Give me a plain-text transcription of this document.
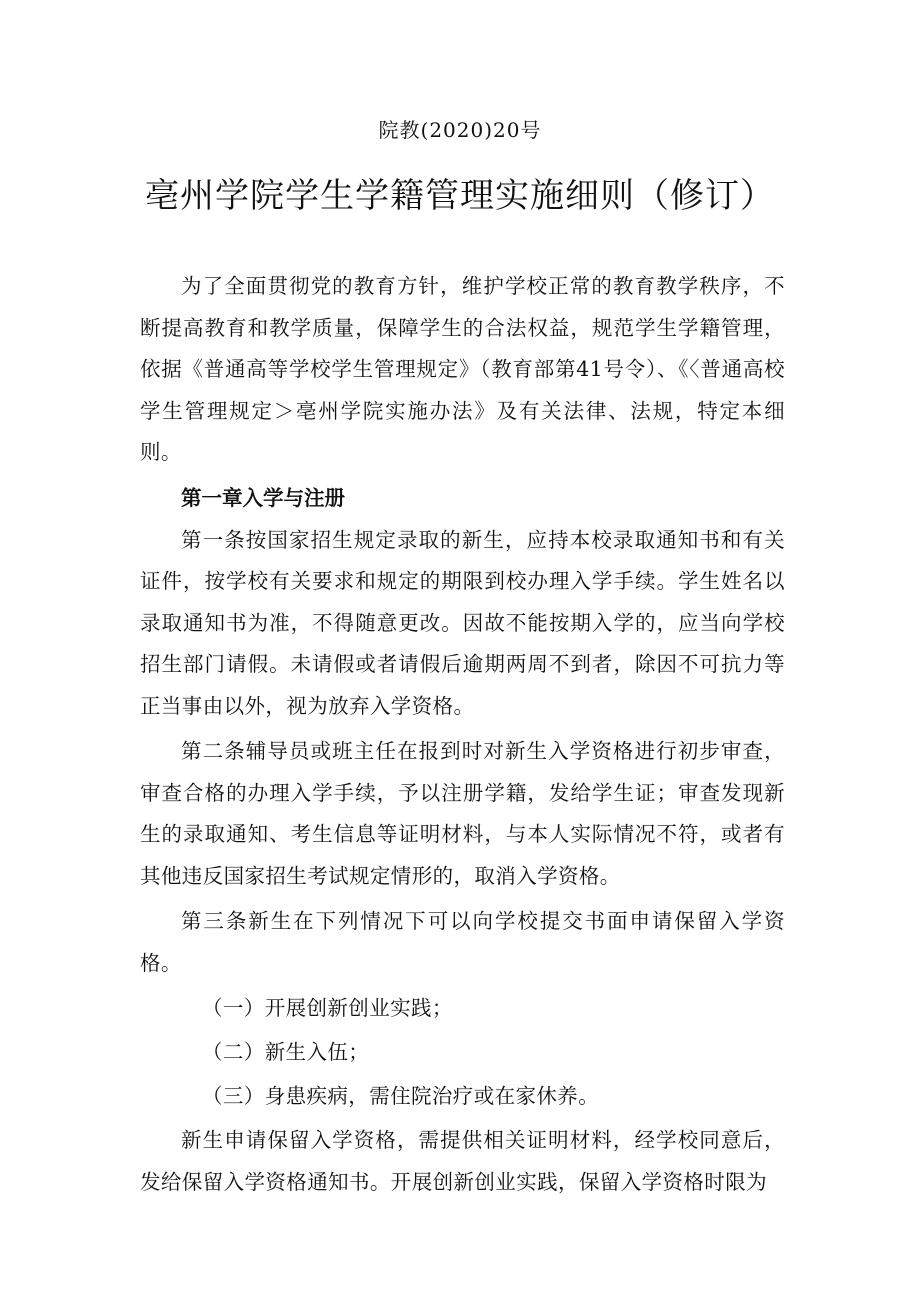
院教(2020)20号
亳州学院学生学籍管理实施细则（修订）

为了全面贯彻党的教育方针，维护学校正常的教育教学秩序，不断提高教育和教学质量，保障学生的合法权益，规范学生学籍管理，依据《普通高等学校学生管理规定》（教育部第41号令）、《〈普通高校学生管理规定＞亳州学院实施办法》及有关法律、法规，特定本细则。

第一章入学与注册

第一条按国家招生规定录取的新生，应持本校录取通知书和有关证件，按学校有关要求和规定的期限到校办理入学手续。学生姓名以录取通知书为准，不得随意更改。因故不能按期入学的，应当向学校招生部门请假。未请假或者请假后逾期两周不到者，除因不可抗力等正当事由以外，视为放弃入学资格。

第二条辅导员或班主任在报到时对新生入学资格进行初步审查，审查合格的办理入学手续，予以注册学籍，发给学生证；审查发现新生的录取通知、考生信息等证明材料，与本人实际情况不符，或者有其他违反国家招生考试规定情形的，取消入学资格。

第三条新生在下列情况下可以向学校提交书面申请保留入学资格。

（一）开展创新创业实践；
（二）新生入伍；
（三）身患疾病，需住院治疗或在家休养。

新生申请保留入学资格，需提供相关证明材料，经学校同意后，发给保留入学资格通知书。开展创新创业实践，保留入学资格时限为
